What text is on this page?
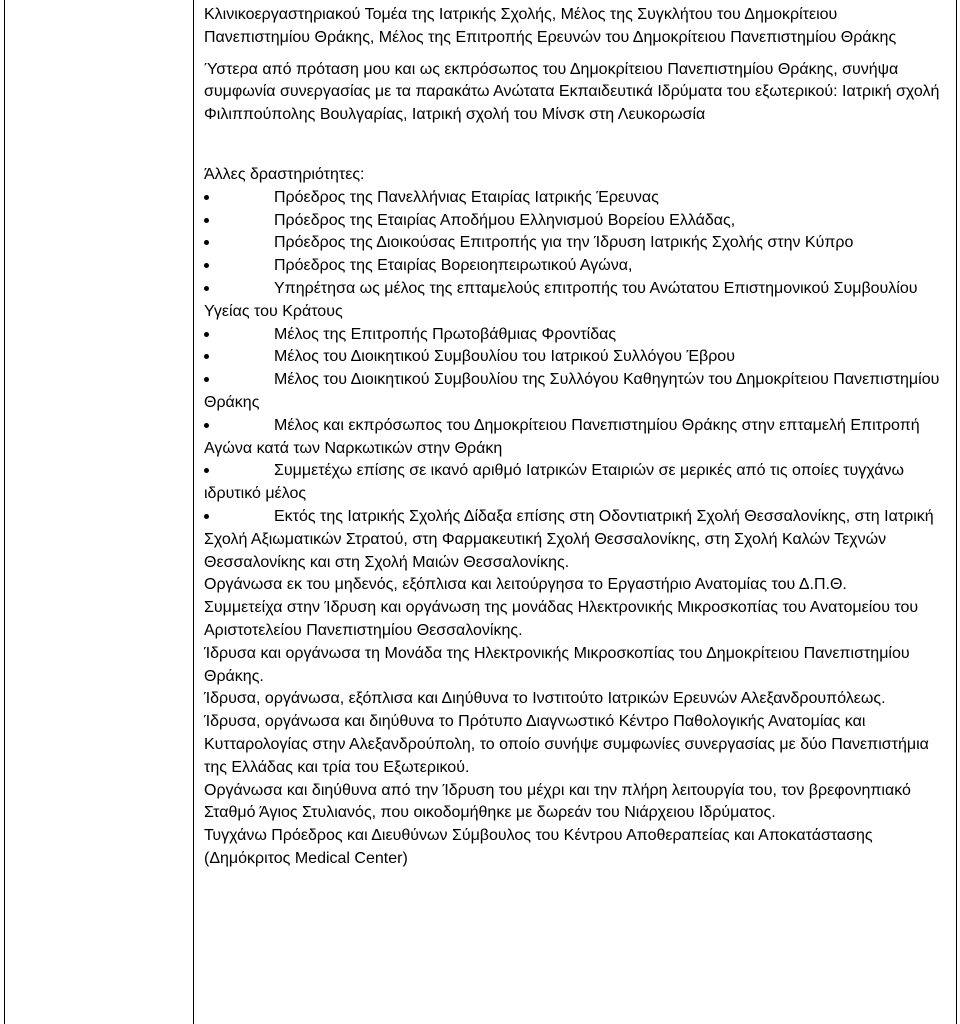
Κλινικοεργαστηριακού Τομέα της Ιατρικής Σχολής, Μέλος της Συγκλήτου του Δημοκρίτειου Πανεπιστημίου Θράκης, Μέλος της Επιτροπής Ερευνών του Δημοκρίτειου Πανεπιστημίου Θράκης

Ύστερα από πρόταση μου και ως εκπρόσωπος του Δημοκρίτειου Πανεπιστημίου Θράκης, συνήψα συμφωνία συνεργασίας με τα παρακάτω Ανώτατα Εκπαιδευτικά Ιδρύματα του εξωτερικού: Ιατρική σχολή Φιλιππούπολης Βουλγαρίας, Ιατρική σχολή του Μίνσκ στη Λευκορωσία

Άλλες δραστηριότητες:

Πρόεδρος της Πανελλήνιας Εταιρίας Ιατρικής Έρευνας

Πρόεδρος της Εταιρίας Αποδήμου Ελληνισμού Βορείου Ελλάδας,

Πρόεδρος της Διοικούσας Επιτροπής για την Ίδρυση Ιατρικής Σχολής στην Κύπρο

Πρόεδρος της Εταιρίας Βορειοηπειρωτικού Αγώνα,

Υπηρέτησα ως μέλος της επταμελούς επιτροπής του Ανώτατου Επιστημονικού Συμβουλίου Υγείας του Κράτους

Μέλος της Επιτροπής Πρωτοβάθμιας Φροντίδας

Μέλος του Διοικητικού Συμβουλίου του Ιατρικού Συλλόγου Έβρου

Μέλος του Διοικητικού Συμβουλίου της Συλλόγου Καθηγητών του Δημοκρίτειου Πανεπιστημίου Θράκης

Μέλος και εκπρόσωπος του Δημοκρίτειου Πανεπιστημίου Θράκης στην επταμελή Επιτροπή Αγώνα κατά των Ναρκωτικών στην Θράκη

Συμμετέχω επίσης σε ικανό αριθμό Ιατρικών Εταιριών σε μερικές από τις οποίες τυγχάνω ιδρυτικό μέλος

Εκτός της Ιατρικής Σχολής Δίδαξα επίσης στη Οδοντιατρική Σχολή Θεσσαλονίκης, στη Ιατρική Σχολή Αξιωματικών Στρατού, στη Φαρμακευτική Σχολή Θεσσαλονίκης, στη Σχολή Καλών Τεχνών Θεσσαλονίκης και στη Σχολή Μαιών Θεσσαλονίκης.

Οργάνωσα εκ του μηδενός, εξόπλισα και λειτούργησα το Εργαστήριο Ανατομίας του Δ.Π.Θ.

Συμμετείχα στην Ίδρυση και οργάνωση της μονάδας Ηλεκτρονικής Μικροσκοπίας του Ανατομείου του Αριστοτελείου Πανεπιστημίου Θεσσαλονίκης.

Ίδρυσα και οργάνωσα τη Μονάδα της Ηλεκτρονικής Μικροσκοπίας του Δημοκρίτειου Πανεπιστημίου Θράκης.

Ίδρυσα, οργάνωσα, εξόπλισα και Διηύθυνα το Ινστιτούτο Ιατρικών Ερευνών Αλεξανδρουπόλεως.

Ίδρυσα, οργάνωσα και διηύθυνα το Πρότυπο Διαγνωστικό Κέντρο Παθολογικής Ανατομίας και Κυτταρολογίας στην Αλεξανδρούπολη, το οποίο συνήψε συμφωνίες συνεργασίας με δύο Πανεπιστήμια της Ελλάδας και τρία του Εξωτερικού.

Οργάνωσα και διηύθυνα από την Ίδρυση του μέχρι και την πλήρη λειτουργία του, τον βρεφονηπιακό Σταθμό Άγιος Στυλιανός, που οικοδομήθηκε με δωρεάν του Νιάρχειου Ιδρύματος.

Τυγχάνω Πρόεδρος και Διευθύνων Σύμβουλος του Κέντρου Αποθεραπείας και Αποκατάστασης (Δημόκριτος Medical Center)
